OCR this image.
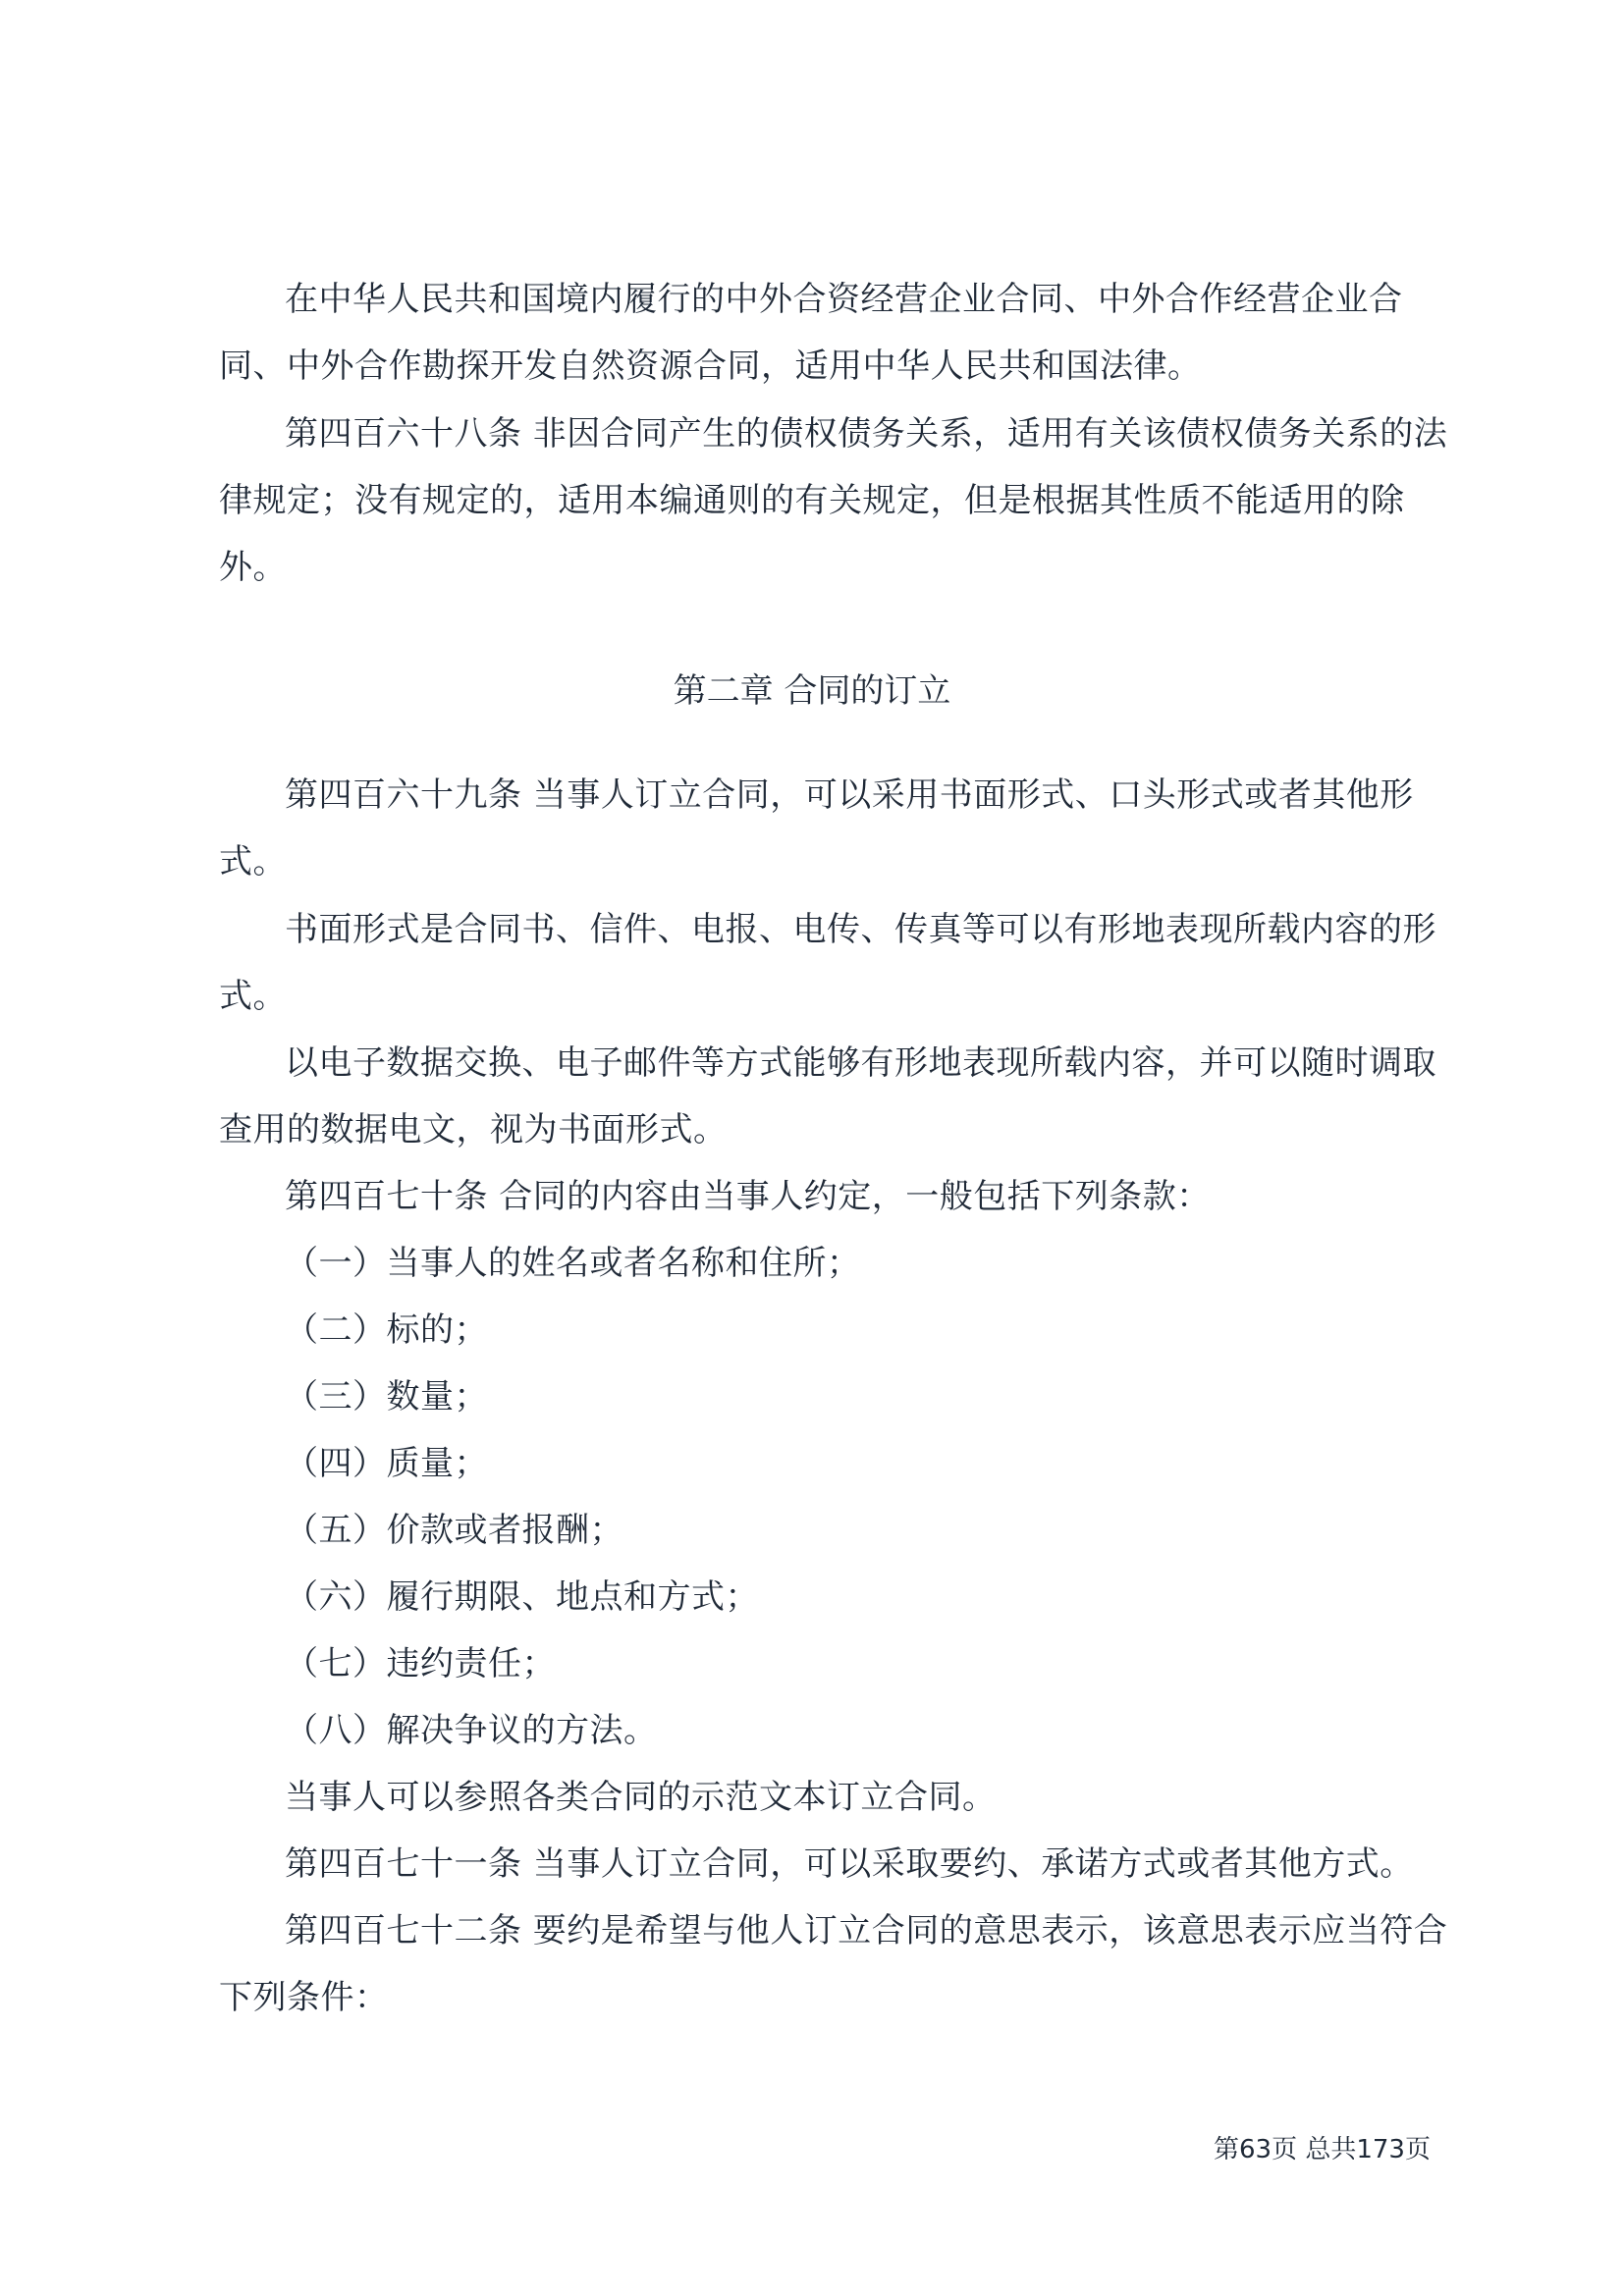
在中华人民共和国境内履行的中外合资经营企业合同、中外合作经营企业合
同、中外合作勘探开发自然资源合同，适用中华人民共和国法律。
第四百六十八条 非因合同产生的债权债务关系，适用有关该债权债务关系的法
律规定；没有规定的，适用本编通则的有关规定，但是根据其性质不能适用的除
外。
第二章 合同的订立
第四百六十九条 当事人订立合同，可以采用书面形式、口头形式或者其他形
式。
书面形式是合同书、信件、电报、电传、传真等可以有形地表现所载内容的形
式。
以电子数据交换、电子邮件等方式能够有形地表现所载内容，并可以随时调取
查用的数据电文，视为书面形式。
第四百七十条 合同的内容由当事人约定，一般包括下列条款：
（一）当事人的姓名或者名称和住所；
（二）标的；
（三）数量；
（四）质量；
（五）价款或者报酬；
（六）履行期限、地点和方式；
（七）违约责任；
（八）解决争议的方法。
当事人可以参照各类合同的示范文本订立合同。
第四百七十一条 当事人订立合同，可以采取要约、承诺方式或者其他方式。
第四百七十二条 要约是希望与他人订立合同的意思表示，该意思表示应当符合
下列条件：
第63页 总共173页
